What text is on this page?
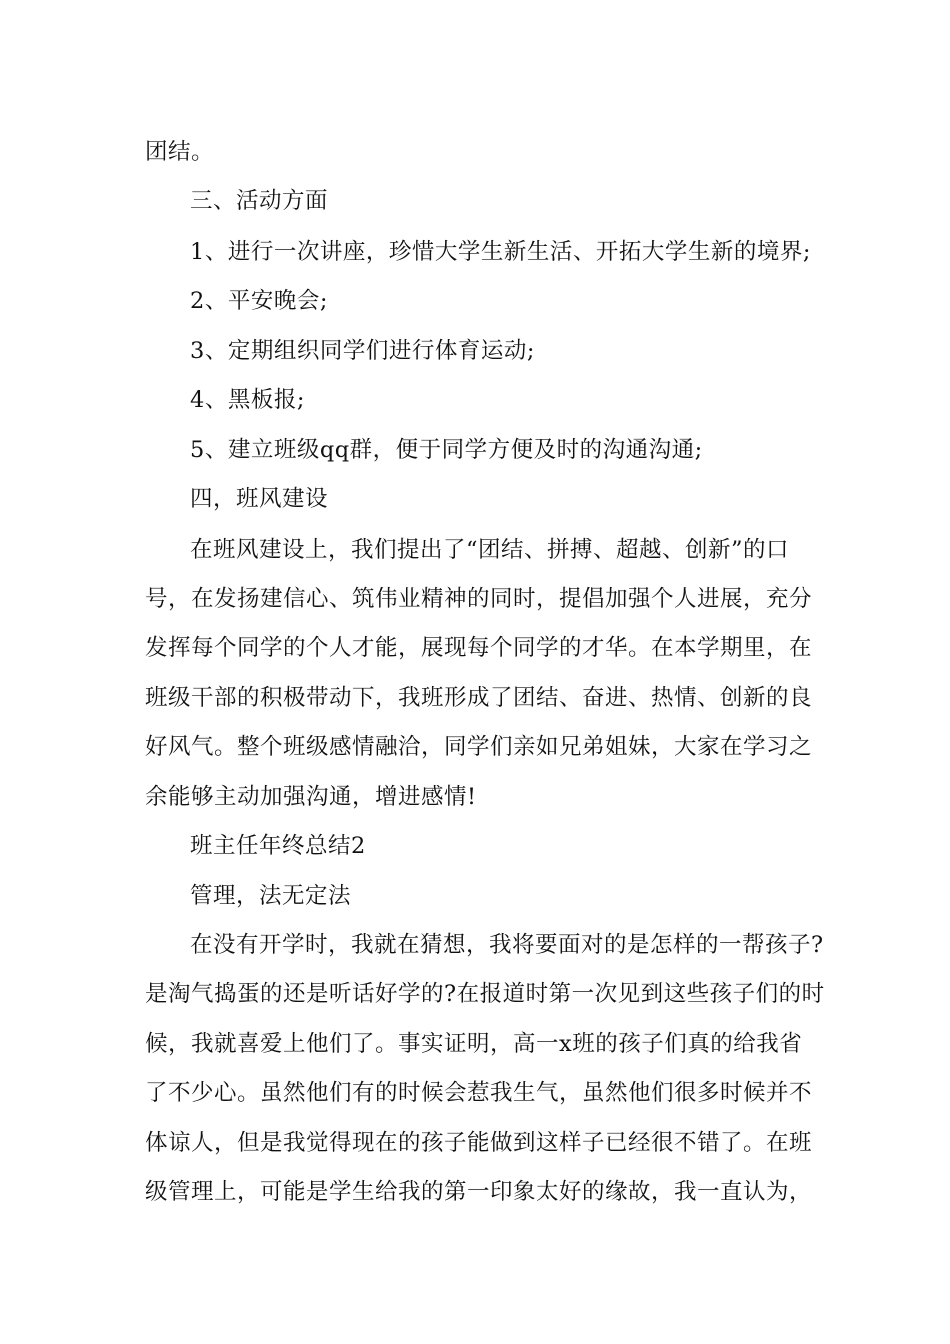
团结。
三、活动方面
1、进行一次讲座，珍惜大学生新生活、开拓大学生新的境界;
2、平安晚会;
3、定期组织同学们进行体育运动;
4、黑板报;
5、建立班级qq群，便于同学方便及时的沟通沟通;
四，班风建设
在班风建设上，我们提出了“团结、拼搏、超越、创新”的口
号，在发扬建信心、筑伟业精神的同时，提倡加强个人进展，充分
发挥每个同学的个人才能，展现每个同学的才华。在本学期里，在
班级干部的积极带动下，我班形成了团结、奋进、热情、创新的良
好风气。整个班级感情融洽，同学们亲如兄弟姐妹，大家在学习之
余能够主动加强沟通，增进感情!
班主任年终总结2
管理，法无定法
在没有开学时，我就在猜想，我将要面对的是怎样的一帮孩子?
是淘气捣蛋的还是听话好学的?在报道时第一次见到这些孩子们的时
候，我就喜爱上他们了。事实证明，高一x班的孩子们真的给我省
了不少心。虽然他们有的时候会惹我生气，虽然他们很多时候并不
体谅人，但是我觉得现在的孩子能做到这样子已经很不错了。在班
级管理上，可能是学生给我的第一印象太好的缘故，我一直认为，
